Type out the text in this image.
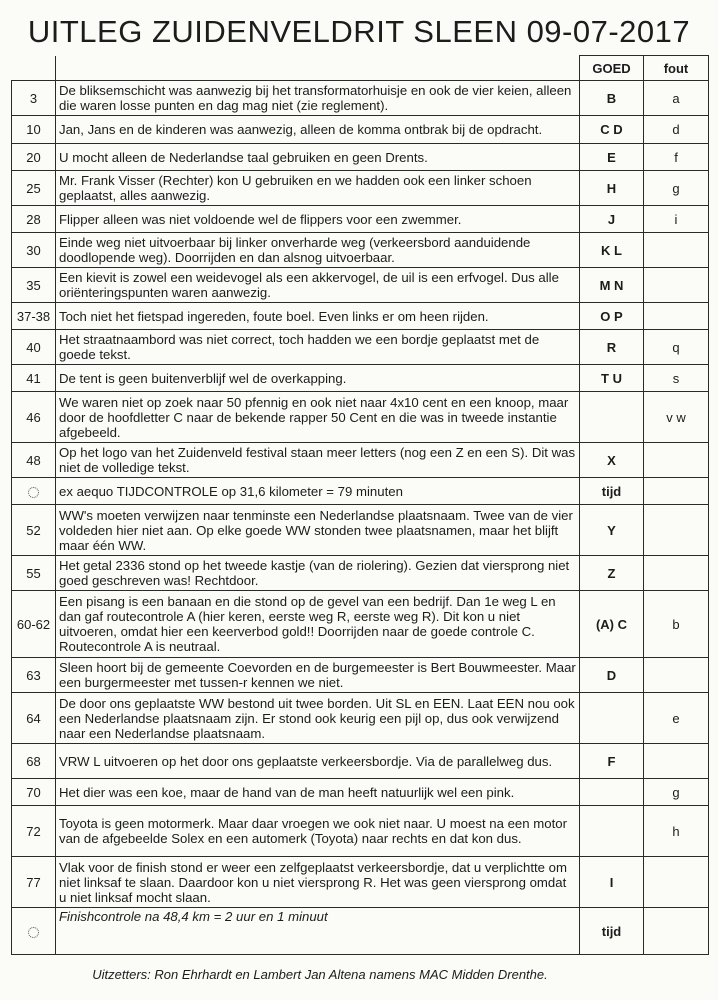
UITLEG ZUIDENVELDRIT SLEEN 09-07-2017
		GOED	fout
3	De bliksemschicht was aanwezig bij het transformatorhuisje en ook de vier keien, alleen die waren losse punten en dag mag niet (zie reglement).	B	a
10	Jan, Jans en de kinderen was aanwezig, alleen de komma ontbrak bij de opdracht.	C D	d
20	U mocht alleen de Nederlandse taal gebruiken en geen Drents.	E	f
25	Mr. Frank Visser (Rechter) kon U gebruiken en we hadden ook een linker schoen geplaatst, alles aanwezig.	H	g
28	Flipper alleen was niet voldoende wel de flippers voor een zwemmer.	J	i
30	Einde weg niet uitvoerbaar bij linker onverharde weg (verkeersbord aanduidende doodlopende weg). Doorrijden en dan alsnog uitvoerbaar.	K L	
35	Een kievit is zowel een weidevogel als een akkervogel, de uil is een erfvogel. Dus alle oriënteringspunten waren aanwezig.	M N	
37-38	Toch niet het fietspad ingereden, foute boel. Even links er om heen rijden.	O P	
40	Het straatnaambord was niet correct, toch hadden we een bordje geplaatst met de goede tekst.	R	q
41	De tent is geen buitenverblijf wel de overkapping.	T U	s
46	We waren niet op zoek naar 50 pfennig en ook niet naar 4x10 cent en een knoop, maar door de hoofdletter C naar de bekende rapper 50 Cent en die was in tweede instantie afgebeeld.		v w
48	Op het logo van het Zuidenveld festival staan meer letters (nog een Z en een S). Dit was niet de volledige tekst.	X	
	ex aequo TIJDCONTROLE op 31,6 kilometer = 79 minuten	tijd	
52	WW's moeten verwijzen naar tenminste een Nederlandse plaatsnaam. Twee van de vier voldeden hier niet aan. Op elke goede WW stonden twee plaatsnamen, maar het blijft maar één WW.	Y	
55	Het getal 2336 stond op het tweede kastje (van de riolering). Gezien dat viersprong niet goed geschreven was! Rechtdoor.	Z	
60-62	Een pisang is een banaan en die stond op de gevel van een bedrijf. Dan 1e weg L en dan gaf routecontrole A (hier keren, eerste weg R, eerste weg R). Dit kon u niet uitvoeren, omdat hier een keerverbod gold!! Doorrijden naar de goede controle C. Routecontrole A is neutraal.	(A) C	b
63	Sleen hoort bij de gemeente Coevorden en de burgemeester is Bert Bouwmeester. Maar een burgermeester met tussen-r kennen we niet.	D	
64	De door ons geplaatste WW bestond uit twee borden. Uit SL en EEN. Laat EEN nou ook een Nederlandse plaatsnaam zijn. Er stond ook keurig een pijl op, dus ook verwijzend naar een Nederlandse plaatsnaam.		e
68	VRW L uitvoeren op het door ons geplaatste verkeersbordje. Via de parallelweg dus.	F	
70	Het dier was een koe, maar de hand van de man heeft natuurlijk wel een pink.		g
72	Toyota is geen motormerk. Maar daar vroegen we ook niet naar. U moest na een motor van de afgebeelde Solex en een automerk (Toyota) naar rechts en dat kon dus.		h
77	Vlak voor de finish stond er weer een zelfgeplaatst verkeersbordje, dat u verplichtte om niet linksaf te slaan. Daardoor kon u niet viersprong R. Het was geen viersprong omdat u niet linksaf mocht slaan.	I	
	Finishcontrole na 48,4 km = 2 uur en 1 minuut	tijd	
Uitzetters: Ron Ehrhardt en Lambert Jan Altena namens MAC Midden Drenthe.
